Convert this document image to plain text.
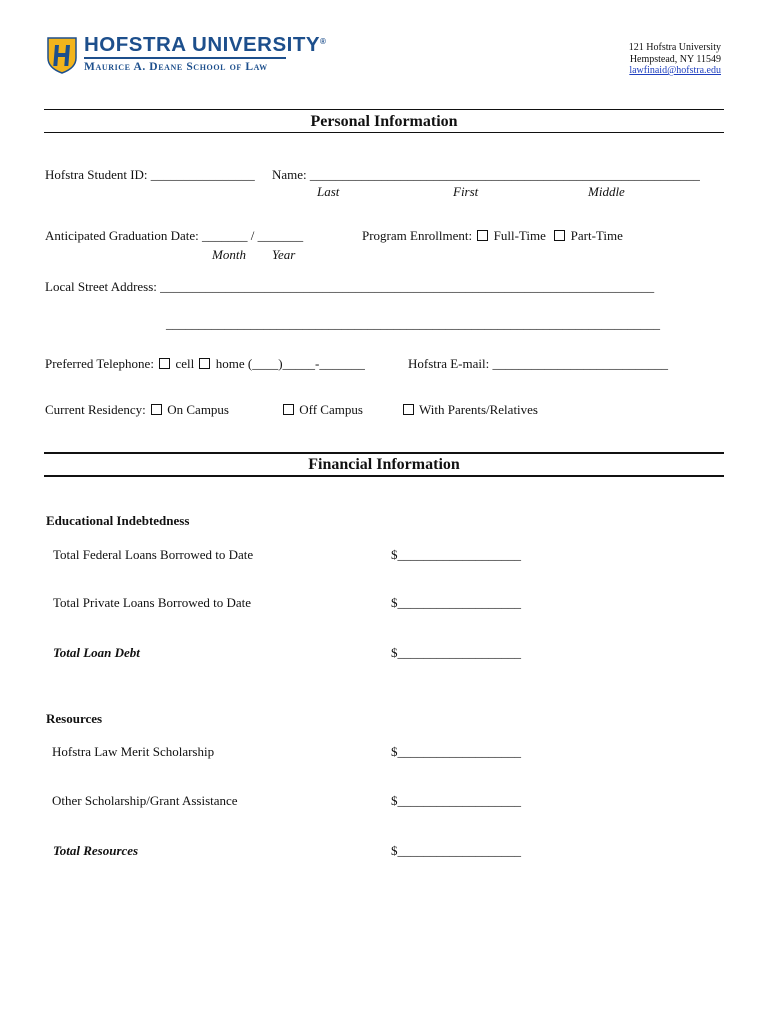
HOFSTRA UNIVERSITY®
Maurice A. Deane School of Law
121 Hofstra University
Hempstead, NY 11549
lawfinaid@hofstra.edu
Personal Information
Hofstra Student ID: ________________ Name: ____________________________________________________________
Last	First	Middle
Anticipated Graduation Date: _______ / _______
Month Year
Program Enrollment: Full-Time Part-Time
Local Street Address: ____________________________________________________________________________
____________________________________________________________________________
Preferred Telephone: cell home (____)_____-_______	Hofstra E-mail: ___________________________
Current Residency: On Campus	Off Campus	With Parents/Relatives
Financial Information
Educational Indebtedness
Total Federal Loans Borrowed to Date	$___________________
Total Private Loans Borrowed to Date	$___________________
Total Loan Debt	$___________________
Resources
Hofstra Law Merit Scholarship	$___________________
Other Scholarship/Grant Assistance	$___________________
Total Resources	$___________________
